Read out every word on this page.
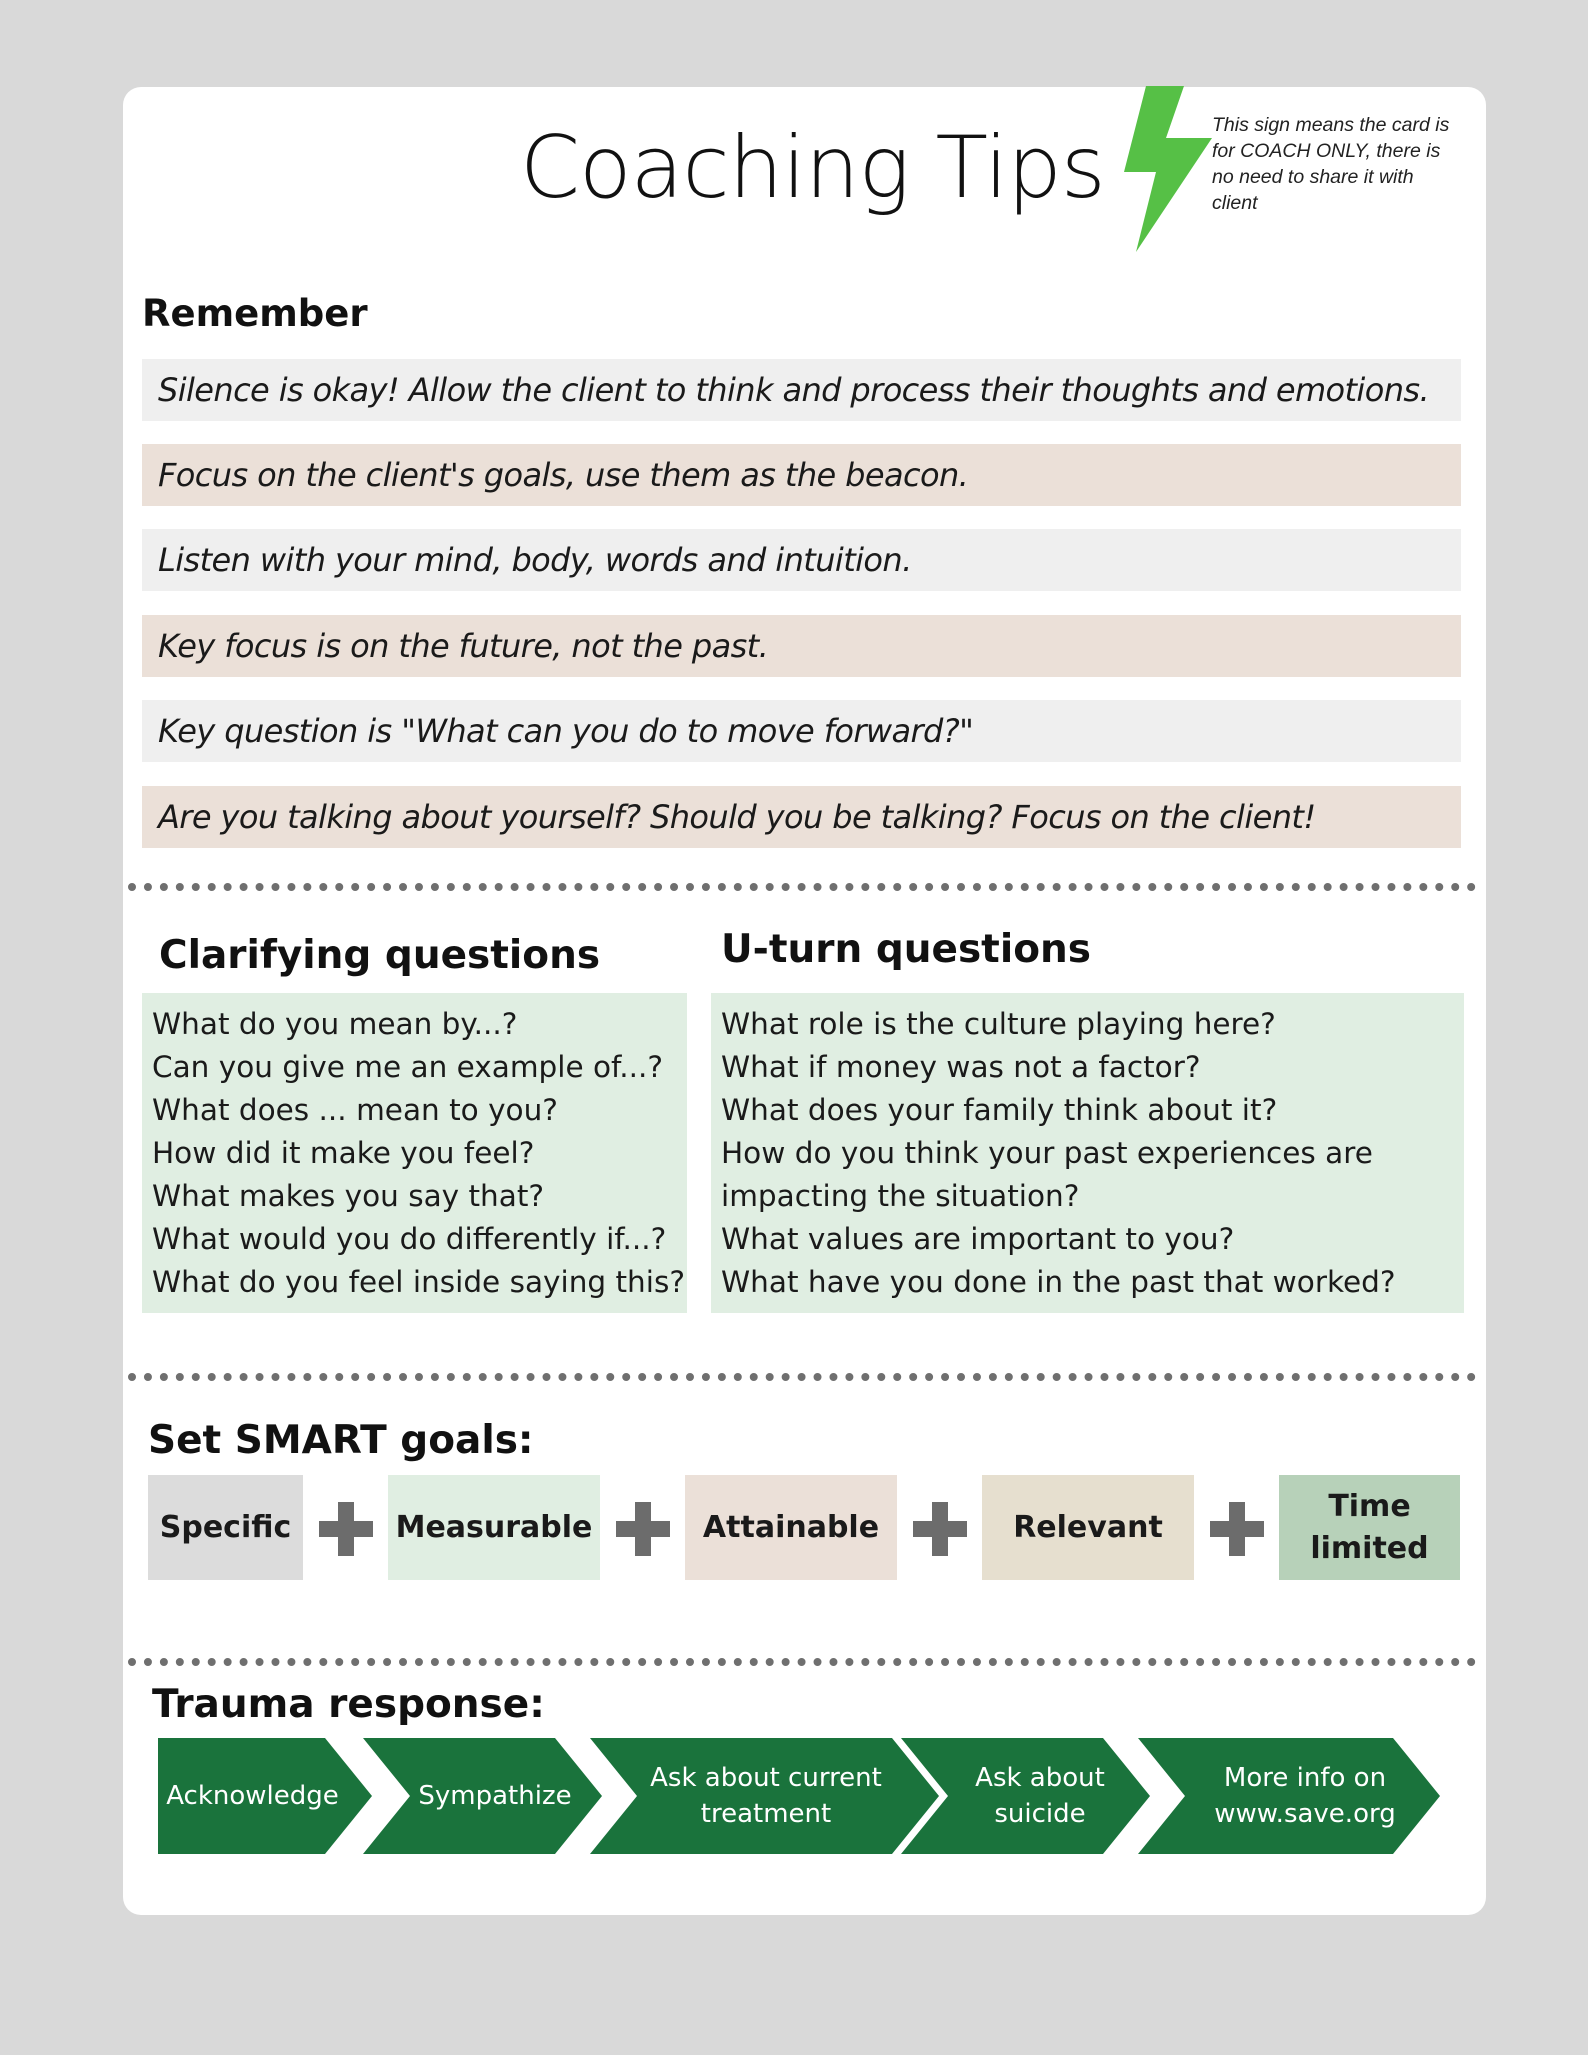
Coaching Tips	This sign means the card is for COACH ONLY, there is no need to share it with client
Remember
Silence is okay! Allow the client to think and process their thoughts and emotions.
Focus on the client's goals, use them as the beacon.
Listen with your mind, body, words and intuition.
Key focus is on the future, not the past.
Key question is "What can you do to move forward?"
Are you talking about yourself? Should you be talking? Focus on the client!
Clarifying questions	U-turn questions
What do you mean by...?
Can you give me an example of...?
What does ... mean to you?
How did it make you feel?
What makes you say that?
What would you do differently if...?
What do you feel inside saying this?
What role is the culture playing here?
What if money was not a factor?
What does your family think about it?
How do you think your past experiences are
impacting the situation?
What values are important to you?
What have you done in the past that worked?
Set SMART goals:
Specific	Measurable	Attainable	Relevant
Time limited
Trauma response:
Acknowledge	Sympathize
Ask about current treatment
Ask about suicide
More info on www.save.org
